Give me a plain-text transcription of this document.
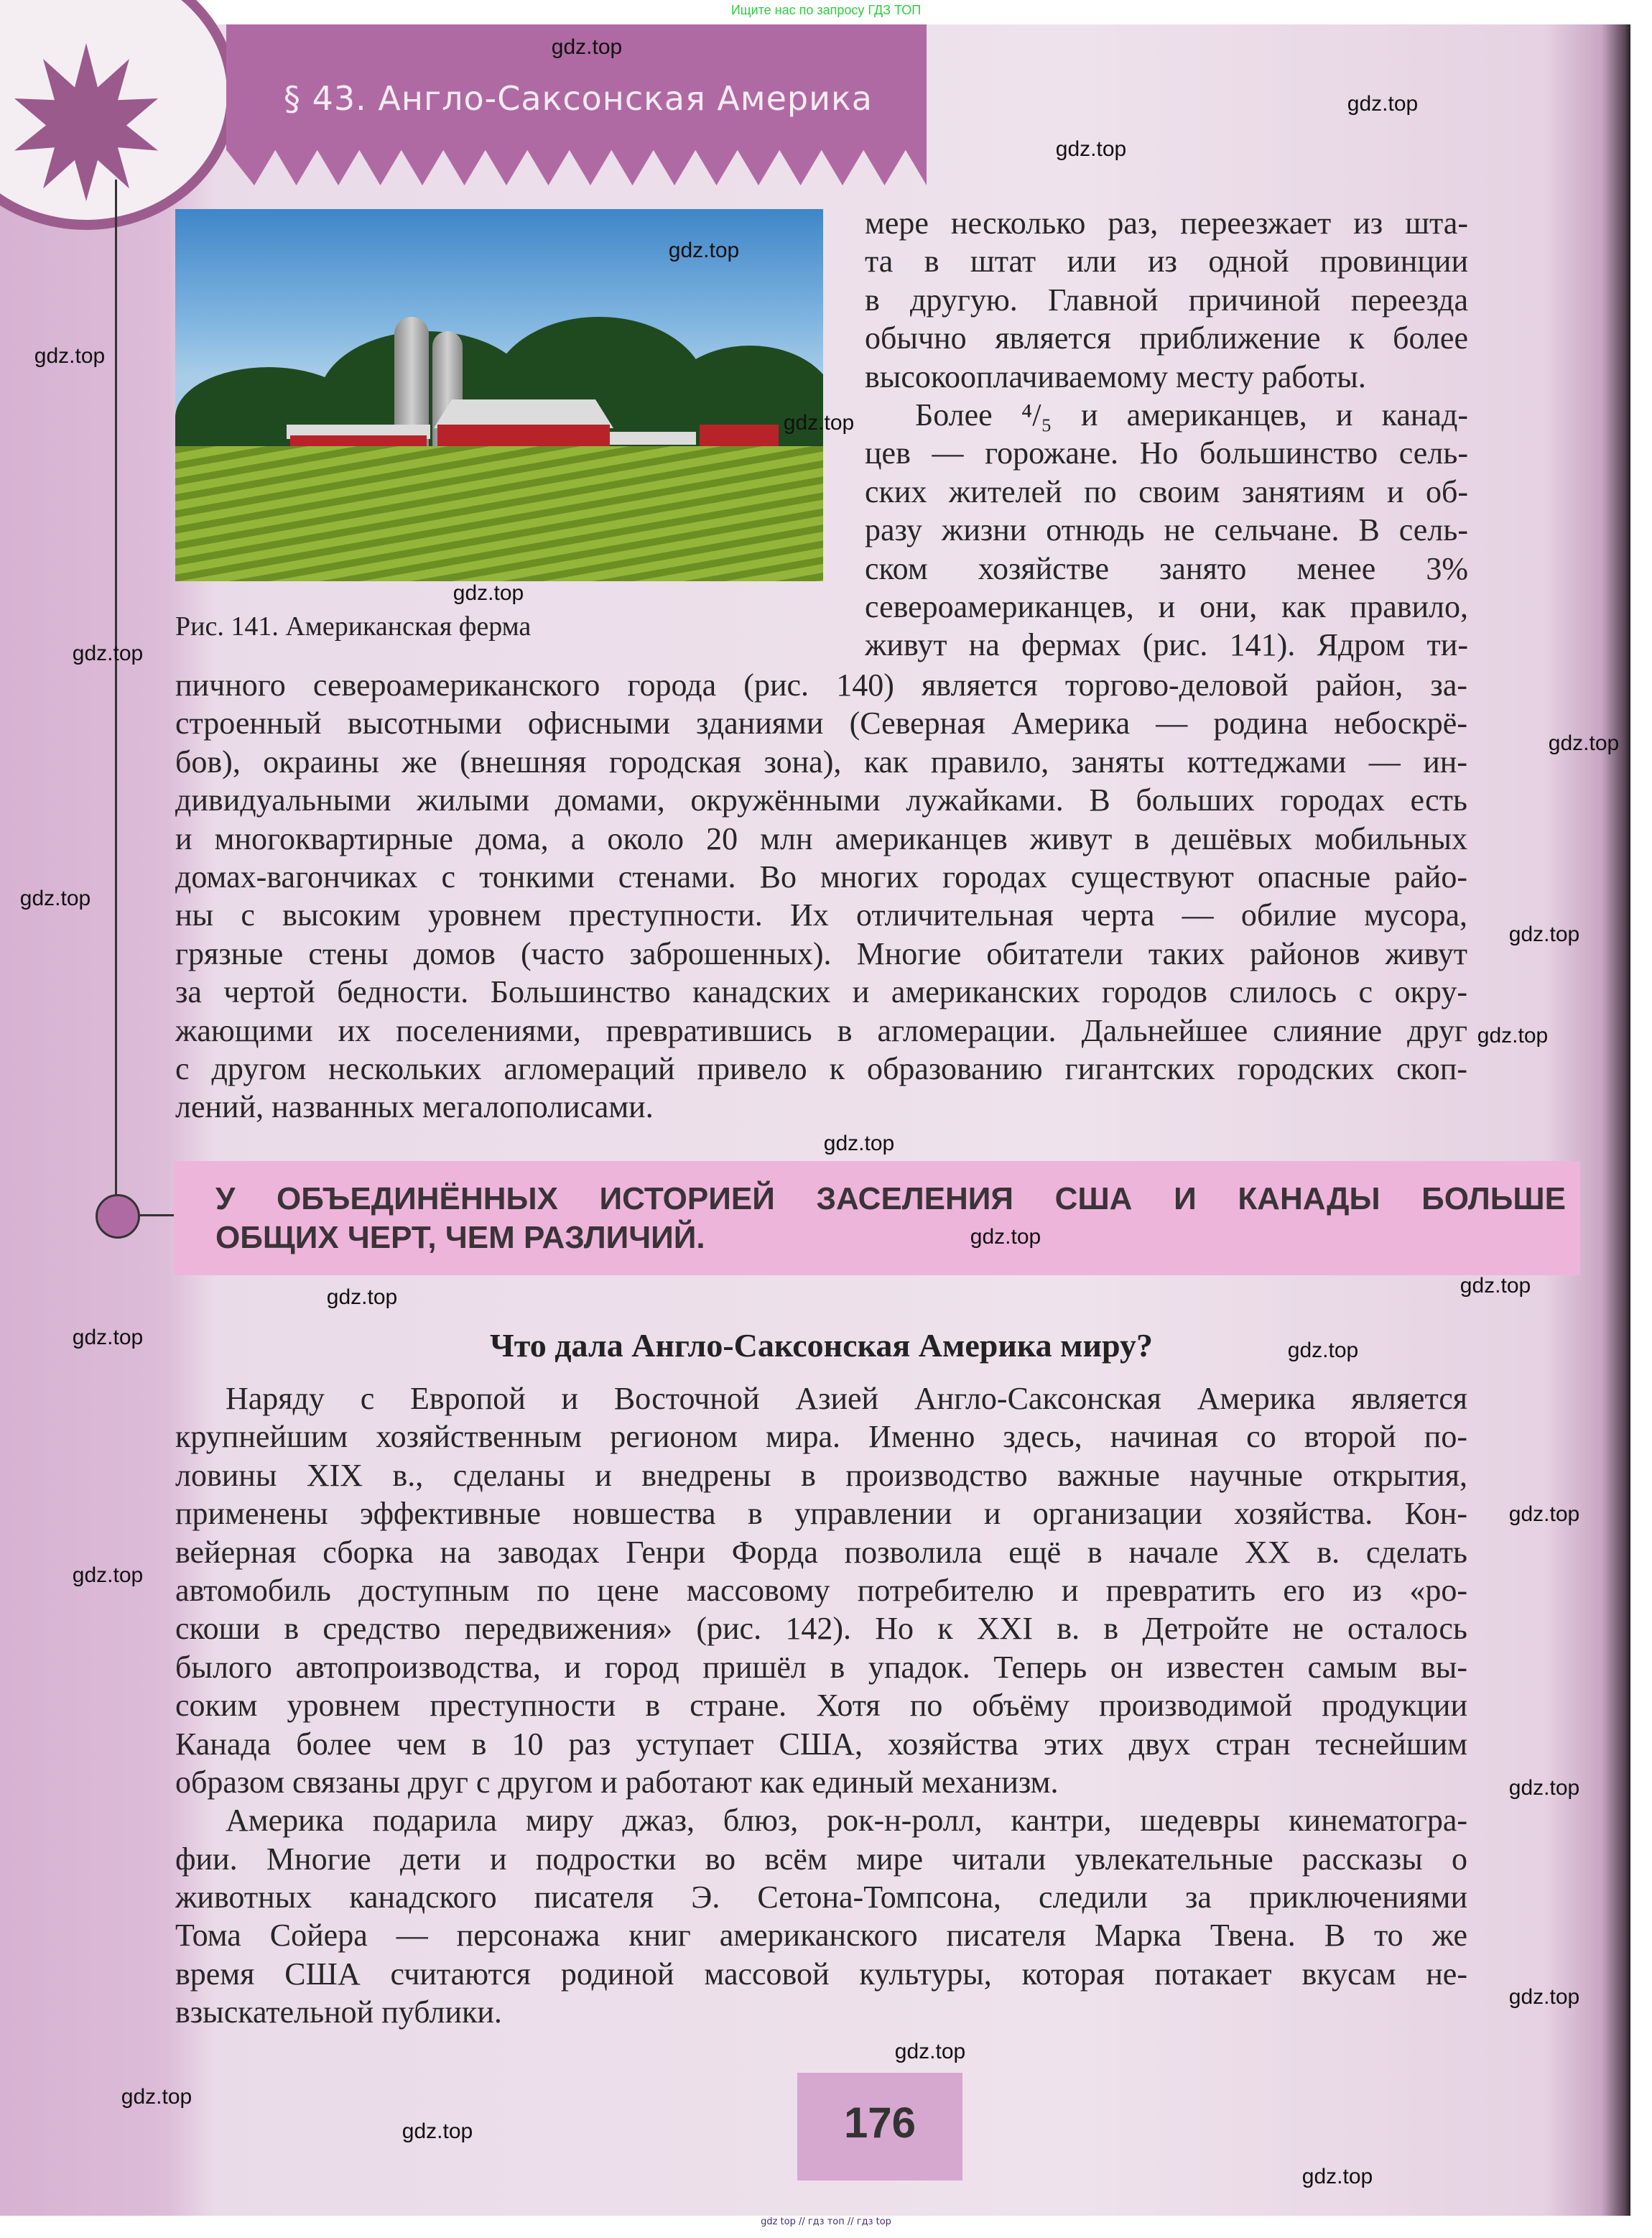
Ищите нас по запросу ГДЗ ТОП
§ 43. Англо-Саксонская Америка
Рис. 141. Американская ферма
мере несколько раз, переезжает из шта-
та в штат или из одной провинции
в другую. Главной причиной переезда
обычно является приближение к более
высокооплачиваемому месту работы.
Более ⁴/₅ и американцев, и канад-
цев — горожане. Но большинство сель-
ских жителей по своим занятиям и об-
разу жизни отнюдь не сельчане. В сель-
ском хозяйстве занято менее 3%
североамериканцев, и они, как правило,
живут на фермах (рис. 141). Ядром ти-
пичного североамериканского города (рис. 140) является торгово-деловой район, за-
строенный высотными офисными зданиями (Северная Америка — родина небоскрё-
бов), окраины же (внешняя городская зона), как правило, заняты коттеджами — ин-
дивидуальными жилыми домами, окружёнными лужайками. В больших городах есть
и многоквартирные дома, а около 20 млн американцев живут в дешёвых мобильных
домах-вагончиках с тонкими стенами. Во многих городах существуют опасные райо-
ны с высоким уровнем преступности. Их отличительная черта — обилие мусора,
грязные стены домов (часто заброшенных). Многие обитатели таких районов живут
за чертой бедности. Большинство канадских и американских городов слилось с окру-
жающими их поселениями, превратившись в агломерации. Дальнейшее слияние друг
с другом нескольких агломераций привело к образованию гигантских городских скоп-
лений, названных мегалополисами.
У ОБЪЕДИНЁННЫХ ИСТОРИЕЙ ЗАСЕЛЕНИЯ США И КАНАДЫ БОЛЬШЕ
ОБЩИХ ЧЕРТ, ЧЕМ РАЗЛИЧИЙ.
Что дала Англо-Саксонская Америка миру?
Наряду с Европой и Восточной Азией Англо-Саксонская Америка является
крупнейшим хозяйственным регионом мира. Именно здесь, начиная со второй по-
ловины XIX в., сделаны и внедрены в производство важные научные открытия,
применены эффективные новшества в управлении и организации хозяйства. Кон-
вейерная сборка на заводах Генри Форда позволила ещё в начале XX в. сделать
автомобиль доступным по цене массовому потребителю и превратить его из «ро-
скоши в средство передвижения» (рис. 142). Но к XXI в. в Детройте не осталось
былого автопроизводства, и город пришёл в упадок. Теперь он известен самым вы-
соким уровнем преступности в стране. Хотя по объёму производимой продукции
Канада более чем в 10 раз уступает США, хозяйства этих двух стран теснейшим
образом связаны друг с другом и работают как единый механизм.
Америка подарила миру джаз, блюз, рок-н-ролл, кантри, шедевры кинематогра-
фии. Многие дети и подростки во всём мире читали увлекательные рассказы о
животных канадского писателя Э. Сетона-Томпсона, следили за приключениями
Тома Сойера — персонажа книг американского писателя Марка Твена. В то же
время США считаются родиной массовой культуры, которая потакает вкусам не-
взыскательной публики.
176
gdz top // гдз топ // гдз top
gdz.top
gdz.top
gdz.top
gdz.top
gdz.top
gdz.top
gdz.top
gdz.top
gdz.top
gdz.top
gdz.top
gdz.top
gdz.top
gdz.top
gdz.top
gdz.top
gdz.top
gdz.top
gdz.top
gdz.top
gdz.top
gdz.top
gdz.top
gdz.top
gdz.top
gdz.top
